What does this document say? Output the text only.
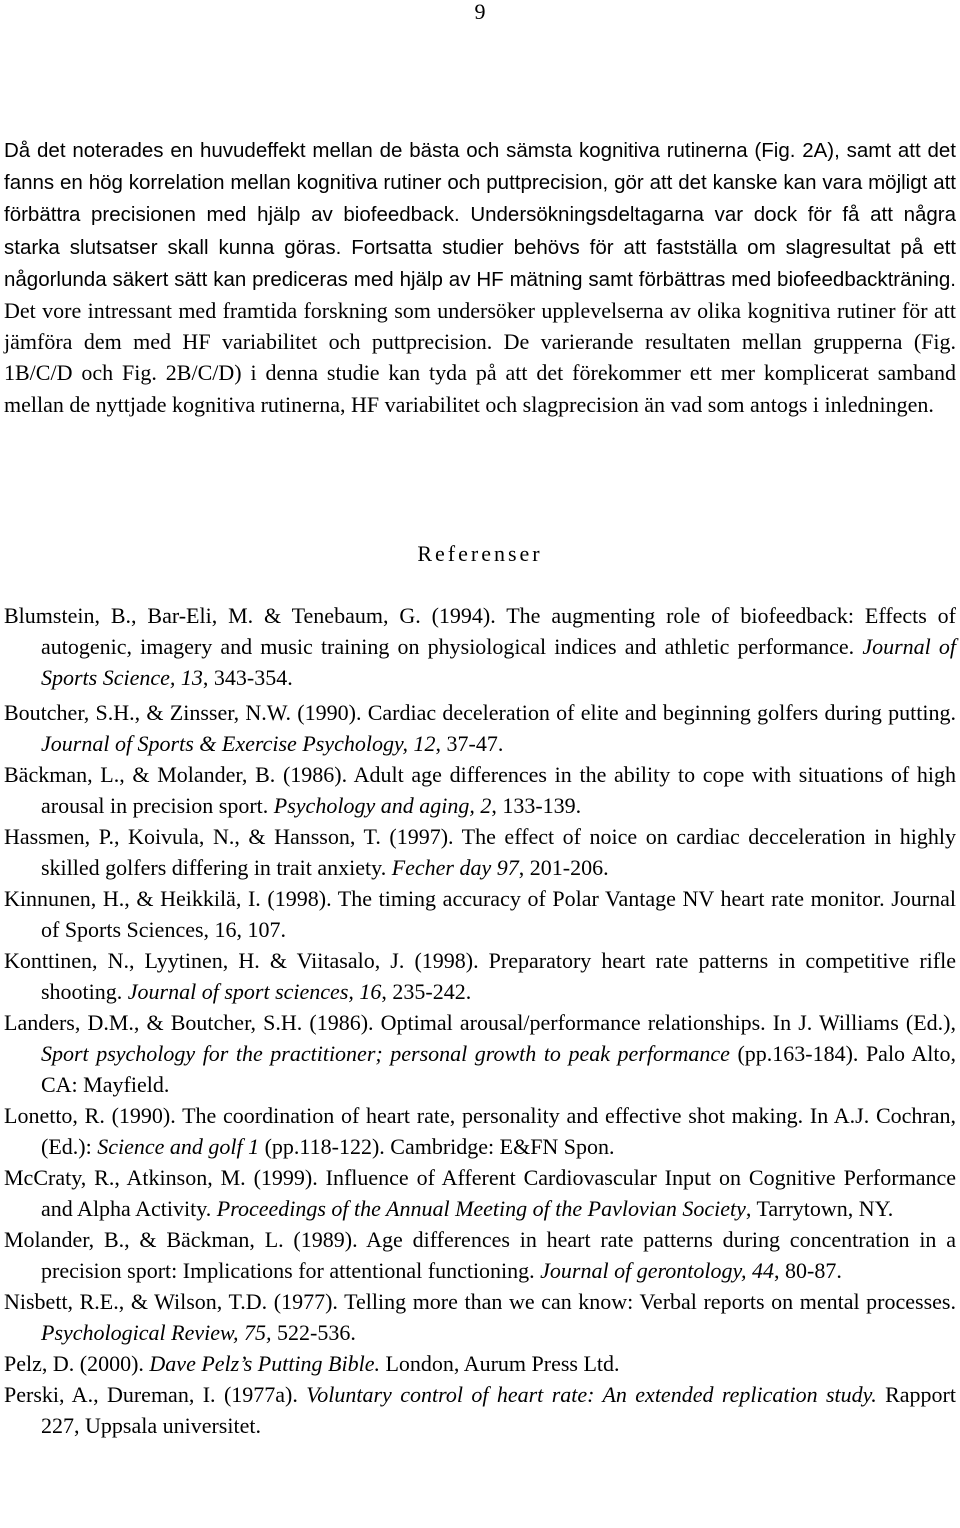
9

Då det noterades en huvudeffekt mellan de bästa och sämsta kognitiva rutinerna (Fig. 2A), samt att det fanns en hög korrelation mellan kognitiva rutiner och puttprecision, gör att det kanske kan vara möjligt att förbättra precisionen med hjälp av biofeedback. Undersökningsdeltagarna var dock för få att några starka slutsatser skall kunna göras. Fortsatta studier behövs för att fastställa om slagresultat på ett någorlunda säkert sätt kan prediceras med hjälp av HF mätning samt förbättras med biofeedbackträning. Det vore intressant med framtida forskning som undersöker upplevelserna av olika kognitiva rutiner för att jämföra dem med HF variabilitet och puttprecision. De varierande resultaten mellan grupperna (Fig. 1B/C/D och Fig. 2B/C/D) i denna studie kan tyda på att det förekommer ett mer komplicerat samband mellan de nyttjade kognitiva rutinerna, HF variabilitet och slagprecision än vad som antogs i inledningen.

Referenser
Blumstein, B., Bar-Eli, M. & Tenebaum, G. (1994). The augmenting role of biofeedback: Effects of autogenic, imagery and music training on physiological indices and athletic performance. Journal of Sports Science, 13, 343-354.
Boutcher, S.H., & Zinsser, N.W. (1990). Cardiac deceleration of elite and beginning golfers during putting. Journal of Sports & Exercise Psychology, 12, 37-47.
Bäckman, L., & Molander, B. (1986). Adult age differences in the ability to cope with situations of high arousal in precision sport. Psychology and aging, 2, 133-139.
Hassmen, P., Koivula, N., & Hansson, T. (1997). The effect of noice on cardiac decceleration in highly skilled golfers differing in trait anxiety. Fecher day 97, 201-206.
Kinnunen, H., & Heikkilä, I. (1998). The timing accuracy of Polar Vantage NV heart rate monitor. Journal of Sports Sciences, 16, 107.
Konttinen, N., Lyytinen, H. & Viitasalo, J. (1998). Preparatory heart rate patterns in competitive rifle shooting. Journal of sport sciences, 16, 235-242.
Landers, D.M., & Boutcher, S.H. (1986). Optimal arousal/performance relationships. In J. Williams (Ed.), Sport psychology for the practitioner; personal growth to peak performance (pp.163-184). Palo Alto, CA: Mayfield.
Lonetto, R. (1990). The coordination of heart rate, personality and effective shot making. In A.J. Cochran, (Ed.): Science and golf 1 (pp.118-122). Cambridge: E&FN Spon.
McCraty, R., Atkinson, M. (1999). Influence of Afferent Cardiovascular Input on Cognitive Performance and Alpha Activity. Proceedings of the Annual Meeting of the Pavlovian Society, Tarrytown, NY.
Molander, B., & Bäckman, L. (1989). Age differences in heart rate patterns during concentration in a precision sport: Implications for attentional functioning. Journal of gerontology, 44, 80-87.
Nisbett, R.E., & Wilson, T.D. (1977). Telling more than we can know: Verbal reports on mental processes. Psychological Review, 75, 522-536.
Pelz, D. (2000). Dave Pelz’s Putting Bible. London, Aurum Press Ltd.
Perski, A., Dureman, I. (1977a). Voluntary control of heart rate: An extended replication study. Rapport 227, Uppsala universitet.
